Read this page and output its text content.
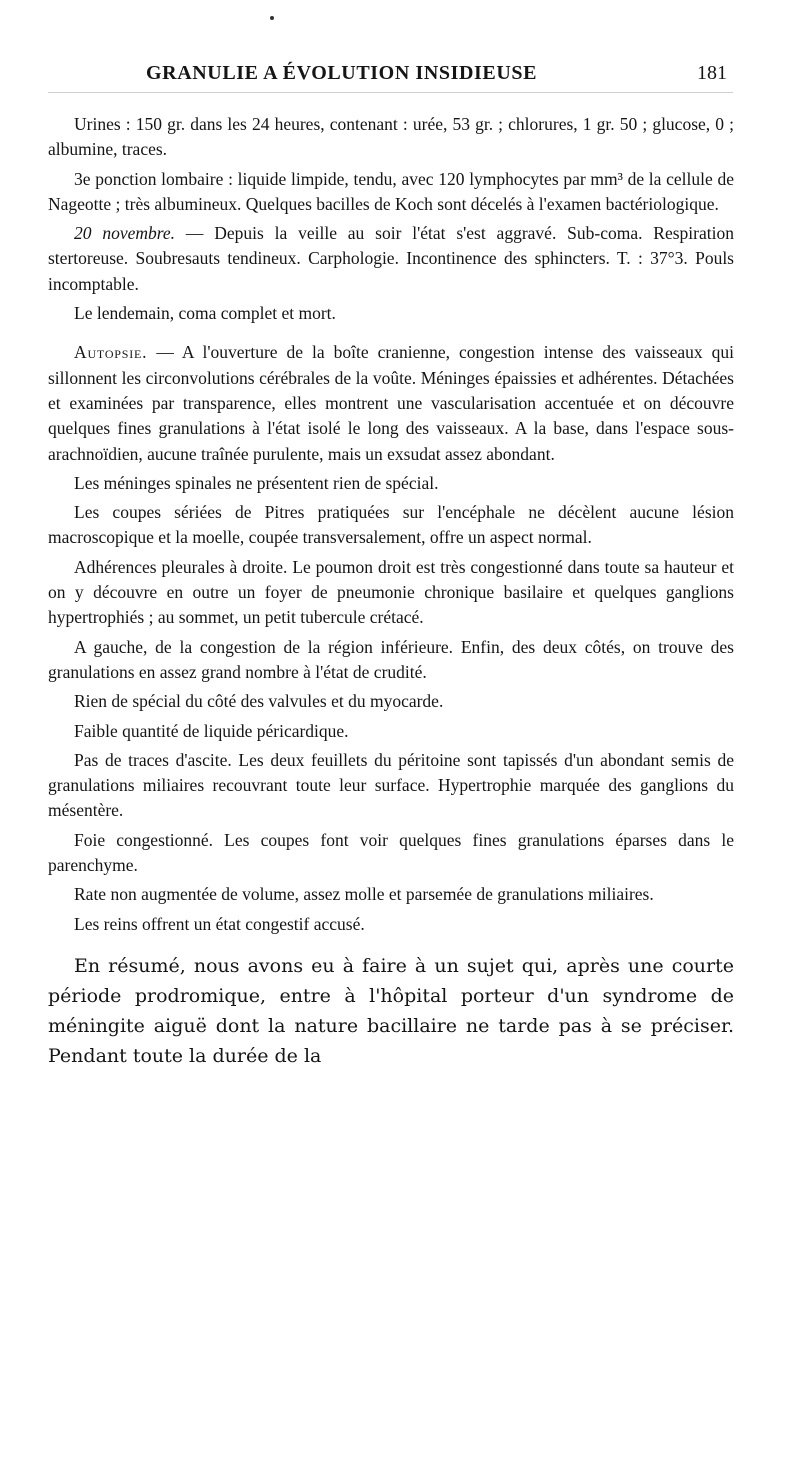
GRANULIE A ÉVOLUTION INSIDIEUSE	181

Urines : 150 gr. dans les 24 heures, contenant : urée, 53 gr. ; chlorures, 1 gr. 50 ; glucose, 0 ; albumine, traces.

3e ponction lombaire : liquide limpide, tendu, avec 120 lymphocytes par mm³ de la cellule de Nageotte ; très albumineux. Quelques bacilles de Koch sont décelés à l'examen bactériologique.

20 novembre. — Depuis la veille au soir l'état s'est aggravé. Sub-coma. Respiration stertoreuse. Soubresauts tendineux. Carphologie. Incontinence des sphincters. T. : 37°3. Pouls incomptable.

Le lendemain, coma complet et mort.

Autopsie. — A l'ouverture de la boîte cranienne, congestion intense des vaisseaux qui sillonnent les circonvolutions cérébrales de la voûte. Méninges épaissies et adhérentes. Détachées et examinées par transparence, elles montrent une vascularisation accentuée et on découvre quelques fines granulations à l'état isolé le long des vaisseaux. A la base, dans l'espace sous-arachnoïdien, aucune traînée purulente, mais un exsudat assez abondant.

Les méninges spinales ne présentent rien de spécial.

Les coupes sériées de Pitres pratiquées sur l'encéphale ne décèlent aucune lésion macroscopique et la moelle, coupée transversalement, offre un aspect normal.

Adhérences pleurales à droite. Le poumon droit est très congestionné dans toute sa hauteur et on y découvre en outre un foyer de pneumonie chronique basilaire et quelques ganglions hypertrophiés ; au sommet, un petit tubercule crétacé.

A gauche, de la congestion de la région inférieure. Enfin, des deux côtés, on trouve des granulations en assez grand nombre à l'état de crudité.

Rien de spécial du côté des valvules et du myocarde.

Faible quantité de liquide péricardique.

Pas de traces d'ascite. Les deux feuillets du péritoine sont tapissés d'un abondant semis de granulations miliaires recouvrant toute leur surface. Hypertrophie marquée des ganglions du mésentère.

Foie congestionné. Les coupes font voir quelques fines granulations éparses dans le parenchyme.

Rate non augmentée de volume, assez molle et parsemée de granulations miliaires.

Les reins offrent un état congestif accusé.

En résumé, nous avons eu à faire à un sujet qui, après une courte période prodromique, entre à l'hôpital porteur d'un syndrome de méningite aiguë dont la nature bacillaire ne tarde pas à se préciser. Pendant toute la durée de la
